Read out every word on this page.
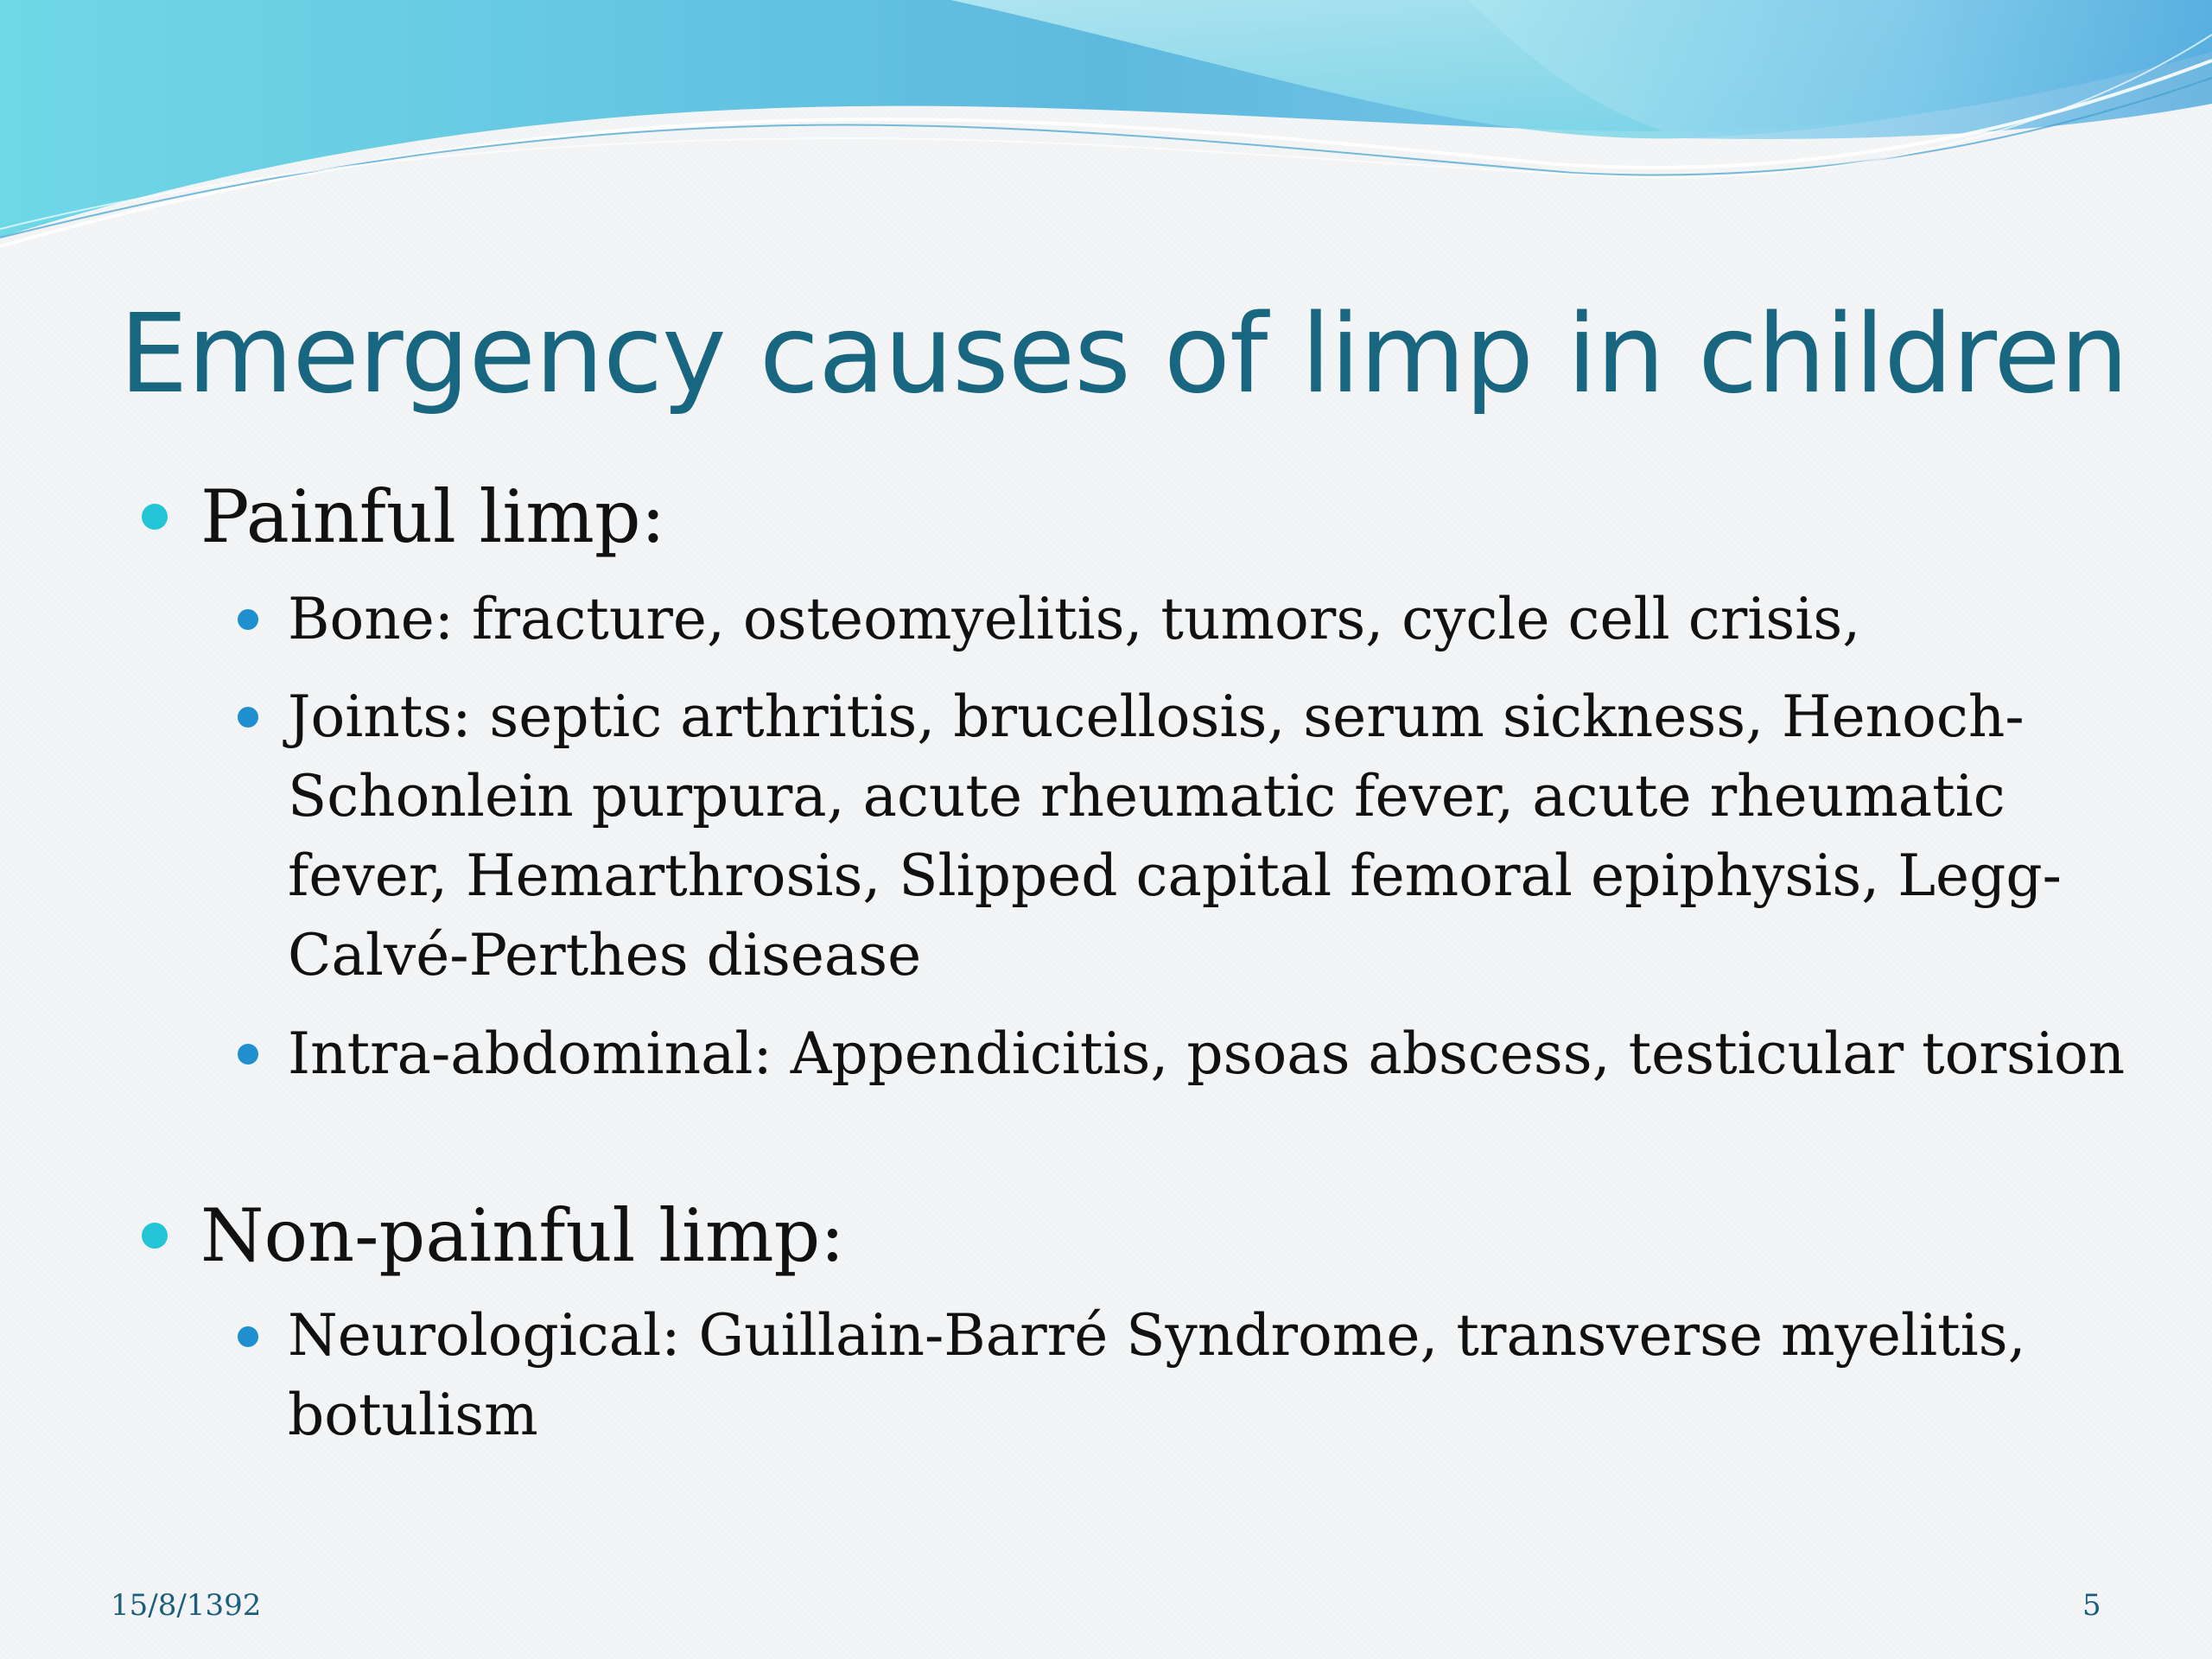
Emergency causes of limp in children

Painful limp:

Bone: fracture, osteomyelitis, tumors, cycle cell crisis,

Joints: septic arthritis, brucellosis, serum sickness, Henoch-Schonlein purpura, acute rheumatic fever, acute rheumatic fever, Hemarthrosis, Slipped capital femoral epiphysis, Legg-Calvé-Perthes disease

Intra-abdominal: Appendicitis, psoas abscess, testicular torsion

Non-painful limp:

Neurological: Guillain-Barré Syndrome, transverse myelitis, botulism

15/8/1392	5
